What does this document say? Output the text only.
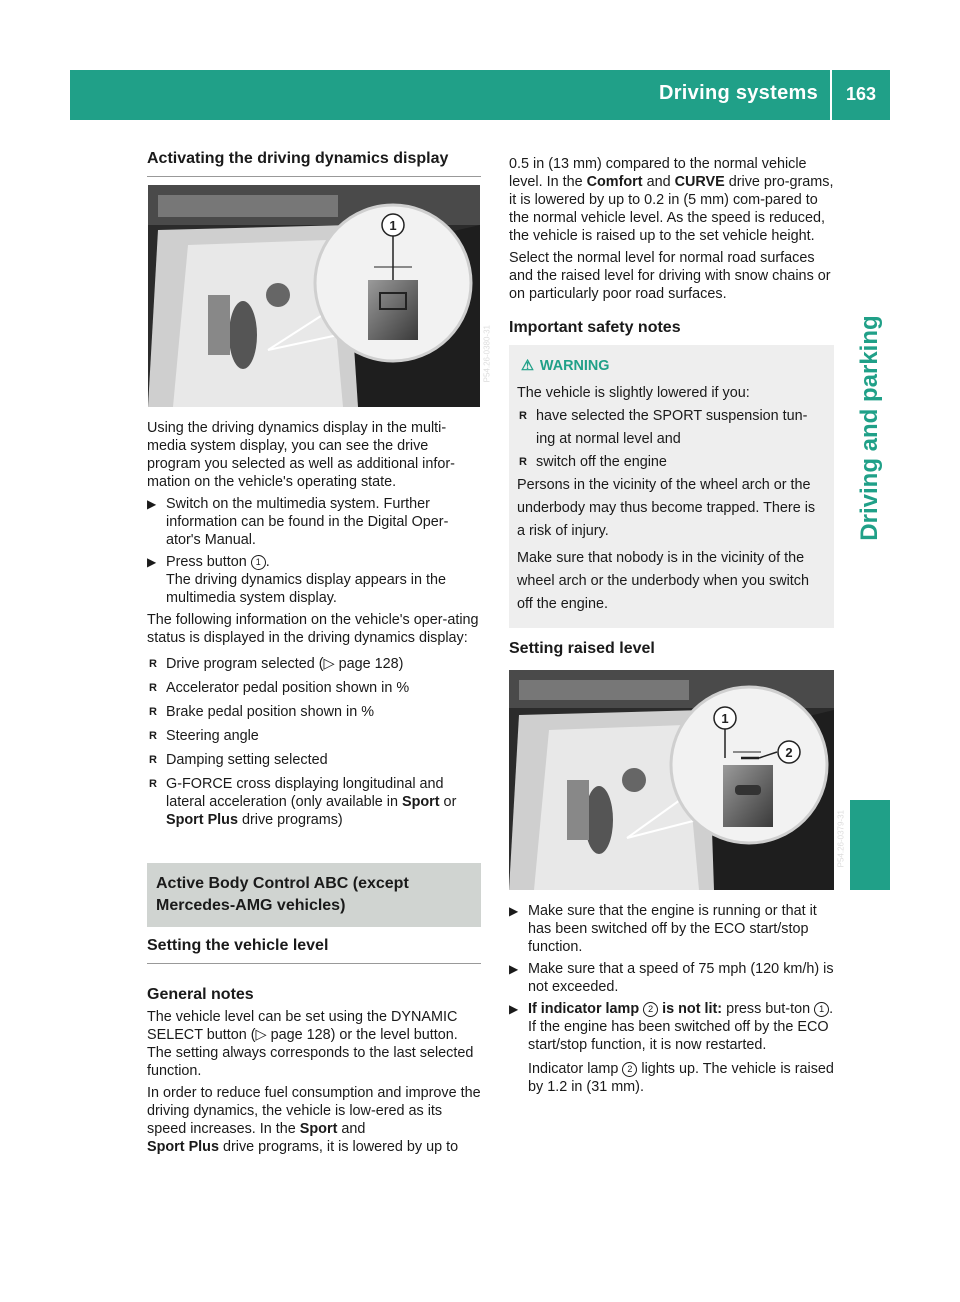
Driving systems 163
Driving and parking
Activating the driving dynamics display
1
P54.26-0380-31

Using the driving dynamics display in the multi-media system display, you can see the drive program you selected as well as additional infor-mation on the vehicle's operating state.

▶ Switch on the multimedia system. Further information can be found in the Digital Oper-ator's Manual.
▶ Press button 1 .
The driving dynamics display appears in the multimedia system display.

The following information on the vehicle's oper-ating status is displayed in the driving dynamics display:

R Drive program selected (▷ page 128)
R Accelerator pedal position shown in %
R Brake pedal position shown in %
R Steering angle
R Damping setting selected
R G-FORCE cross displaying longitudinal and lateral acceleration (only available in Sport or
Sport Plus drive programs)
Active Body Control ABC (except Mercedes-AMG vehicles)
Setting the vehicle level
General notes

The vehicle level can be set using the DYNAMIC SELECT button (▷ page 128) or the level button. The setting always corresponds to the last selected function.

In order to reduce fuel consumption and improve the driving dynamics, the vehicle is low-ered as its speed increases. In the Sport and
Sport Plus drive programs, it is lowered by up to

0.5 in (13 mm) compared to the normal vehicle level. In the Comfort and CURVE drive pro-grams, it is lowered by up to 0.2 in (5 mm) com-pared to the normal vehicle level. As the speed is reduced, the vehicle is raised up to the set vehicle height.

Select the normal level for normal road surfaces and the raised level for driving with snow chains or on particularly poor road surfaces.

Important safety notes
⚠ WARNING
The vehicle is slightly lowered if you:
R have selected the SPORT suspension tun-ing at normal level and
R switch off the engine
Persons in the vicinity of the wheel arch or the underbody may thus become trapped. There is a risk of injury.
Make sure that nobody is in the vicinity of the wheel arch or the underbody when you switch off the engine.
Setting raised level
1
2
P54.26-0379-31
▶ Make sure that the engine is running or that it has been switched off by the ECO start/stop function.
▶ Make sure that a speed of 75 mph (120 km/h) is not exceeded.
▶ If indicator lamp 2 is not lit: press but-ton 1 .
If the engine has been switched off by the ECO start/stop function, it is now restarted.
Indicator lamp 2 lights up. The vehicle is raised by 1.2 in (31 mm).
